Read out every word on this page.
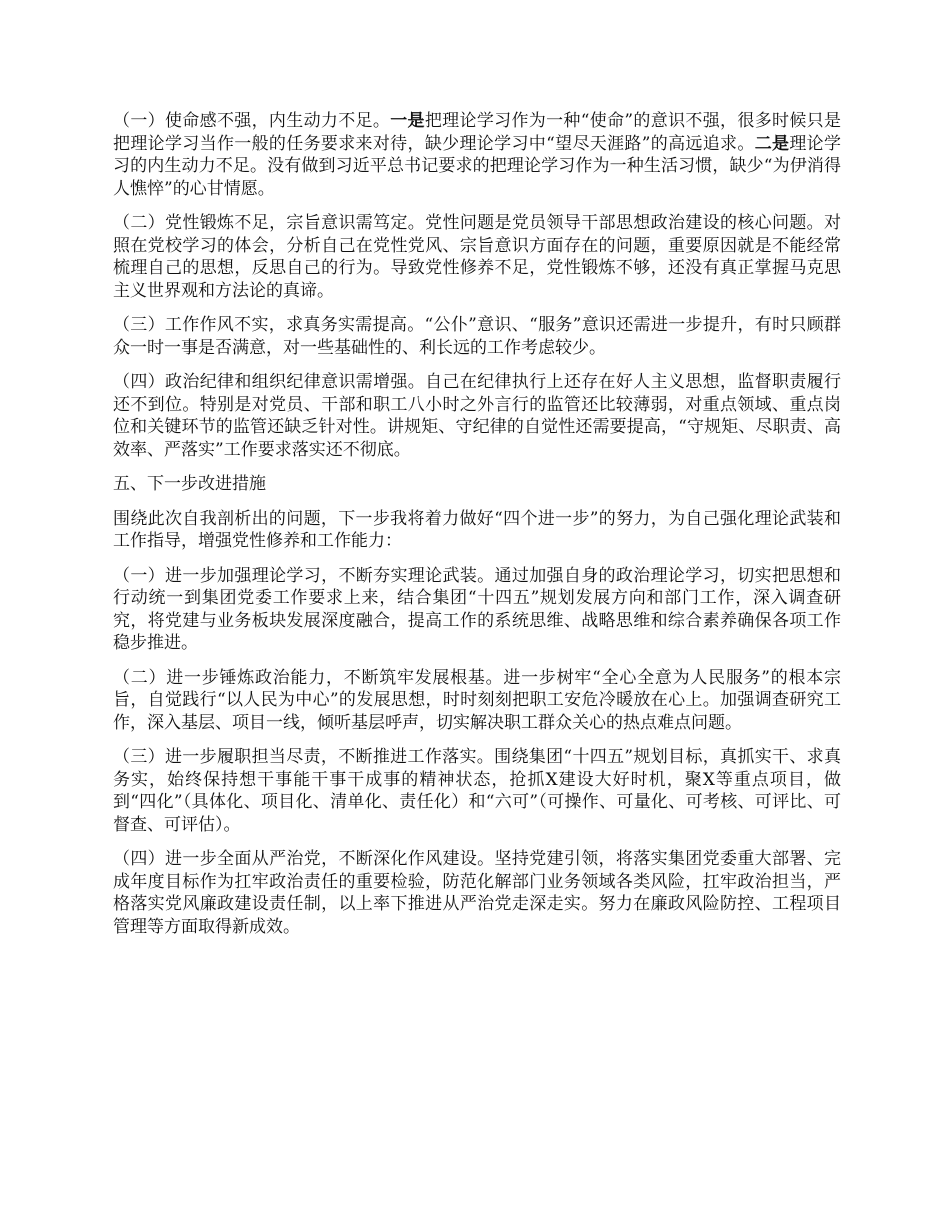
（一）使命感不强，内生动力不足。一是把理论学习作为一种“使命”的意识不强，很多时候只是把理论学习当作一般的任务要求来对待，缺少理论学习中“望尽天涯路”的高远追求。二是理论学习的内生动力不足。没有做到习近平总书记要求的把理论学习作为一种生活习惯，缺少“为伊消得人憔悴”的心甘情愿。

（二）党性锻炼不足，宗旨意识需笃定。党性问题是党员领导干部思想政治建设的核心问题。对照在党校学习的体会，分析自己在党性党风、宗旨意识方面存在的问题，重要原因就是不能经常梳理自己的思想，反思自己的行为。导致党性修养不足，党性锻炼不够，还没有真正掌握马克思主义世界观和方法论的真谛。

（三）工作作风不实，求真务实需提高。“公仆”意识、“服务”意识还需进一步提升，有时只顾群众一时一事是否满意，对一些基础性的、利长远的工作考虑较少。

（四）政治纪律和组织纪律意识需增强。自己在纪律执行上还存在好人主义思想，监督职责履行还不到位。特别是对党员、干部和职工八小时之外言行的监管还比较薄弱，对重点领域、重点岗位和关键环节的监管还缺乏针对性。讲规矩、守纪律的自觉性还需要提高，“守规矩、尽职责、高效率、严落实”工作要求落实还不彻底。

五、下一步改进措施

围绕此次自我剖析出的问题，下一步我将着力做好“四个进一步”的努力，为自己强化理论武装和工作指导，增强党性修养和工作能力：

（一）进一步加强理论学习，不断夯实理论武装。通过加强自身的政治理论学习，切实把思想和行动统一到集团党委工作要求上来，结合集团“十四五”规划发展方向和部门工作，深入调查研究，将党建与业务板块发展深度融合，提高工作的系统思维、战略思维和综合素养确保各项工作稳步推进。

（二）进一步锤炼政治能力，不断筑牢发展根基。进一步树牢“全心全意为人民服务”的根本宗旨，自觉践行“以人民为中心”的发展思想，时时刻刻把职工安危冷暖放在心上。加强调查研究工作，深入基层、项目一线，倾听基层呼声，切实解决职工群众关心的热点难点问题。

（三）进一步履职担当尽责，不断推进工作落实。围绕集团“十四五”规划目标，真抓实干、求真务实，始终保持想干事能干事干成事的精神状态，抢抓X建设大好时机，聚X等重点项目，做到“四化”（具体化、项目化、清单化、责任化）和“六可”（可操作、可量化、可考核、可评比、可督查、可评估）。

（四）进一步全面从严治党，不断深化作风建设。坚持党建引领，将落实集团党委重大部署、完成年度目标作为扛牢政治责任的重要检验，防范化解部门业务领域各类风险，扛牢政治担当，严格落实党风廉政建设责任制，以上率下推进从严治党走深走实。努力在廉政风险防控、工程项目管理等方面取得新成效。
